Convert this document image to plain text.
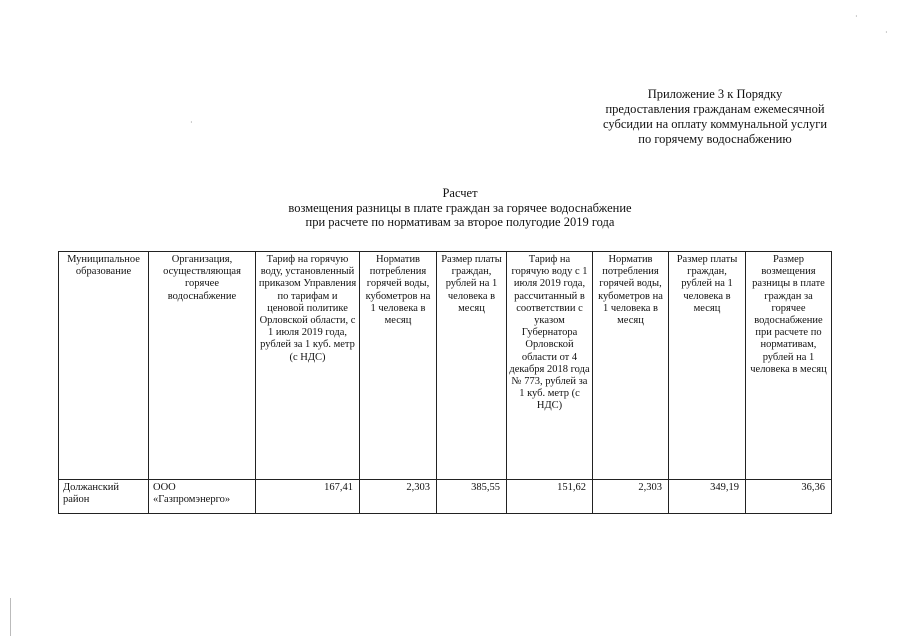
Приложение 3 к Порядку
предоставления гражданам ежемесячной
субсидии на оплату коммунальной услуги
по горячему водоснабжению
Расчет
возмещения разницы в плате граждан за горячее водоснабжение
при расчете по нормативам за второе полугодие 2019 года
Муниципальное образование	Организация, осуществляющая горячее водоснабжение	Тариф на горячую воду, установленный приказом Управления по тарифам и ценовой политике Орловской области, с 1 июля 2019 года, рублей за 1 куб. метр (с НДС)	Норматив потребления горячей воды, кубометров на 1 человека в месяц	Размер платы граждан, рублей на 1 человека в месяц	Тариф на горячую воду с 1 июля 2019 года, рассчитанный в соответствии с указом Губернатора Орловской области от 4 декабря 2018 года № 773, рублей за 1 куб. метр (с НДС)	Норматив потребления горячей воды, кубометров на 1 человека в месяц	Размер платы граждан, рублей на 1 человека в месяц	Размер возмещения разницы в плате граждан за горячее водоснабжение при расчете по нормативам, рублей на 1 человека в месяц
Должанский район	ООО «Газпромэнерго»	167,41	2,303	385,55	151,62	2,303	349,19	36,36
·
·
·
